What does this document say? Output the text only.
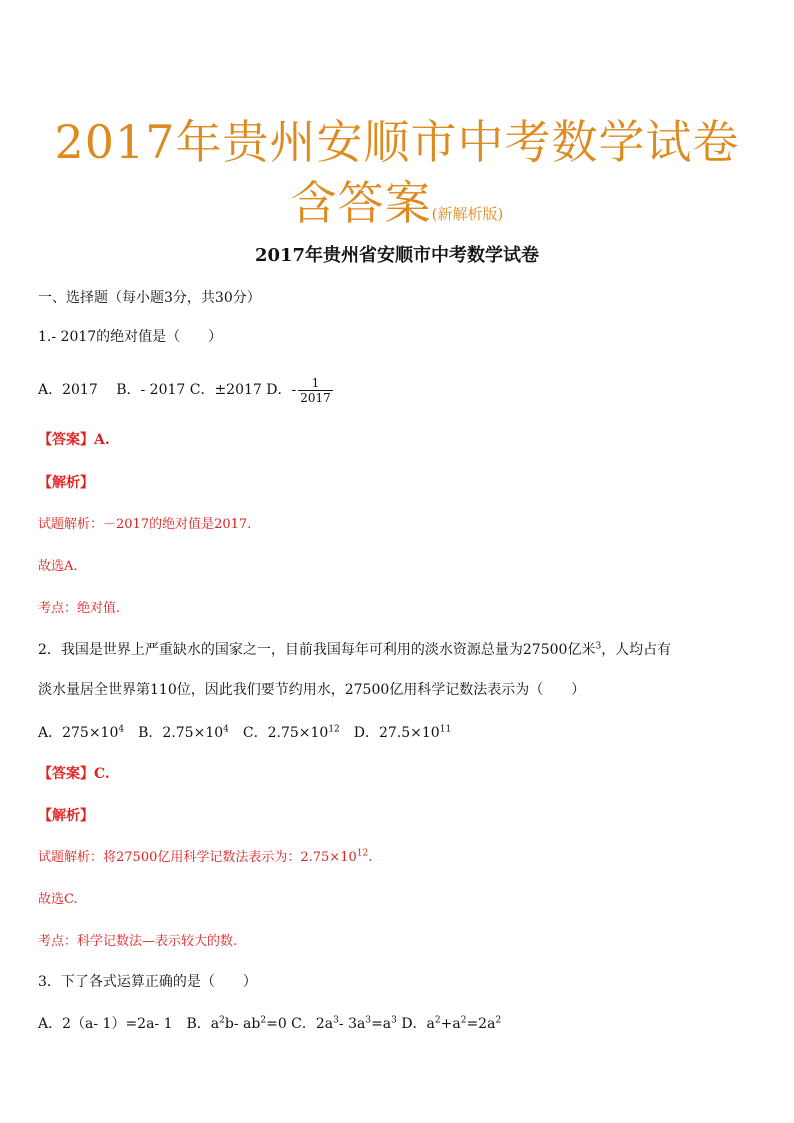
2017年贵州安顺市中考数学试卷
含答案(新解析版)
2017年贵州省安顺市中考数学试卷
一、选择题（每小题3分，共30分）
1.- 2017的绝对值是（　　）
A．2017　 B．- 2017 C．±2017 D．- $\frac{1}{2017}$
【答案】A.
【解析】
试题解析：－2017的绝对值是2017.
故选A.
考点：绝对值.
2．我国是世界上严重缺水的国家之一，目前我国每年可利用的淡水资源总量为27500亿米$^3$，人均占有
淡水量居全世界第110位，因此我们要节约用水，27500亿用科学记数法表示为（　　）
A．$275\times 10^4$　B．$2.75\times 10^4$　C．$2.75\times 10^{12}$　D．$27.5\times 10^{11}$
【答案】C.
【解析】
试题解析：将27500亿用科学记数法表示为：$2.75\times 10^{12}$.
故选C.
考点：科学记数法—表示较大的数.
3．下了各式运算正确的是（　　）
A．2（a- 1）=2a- 1　B．$a^2b-$ $ab^2=0$ C．$2a^3-$ $3a^3=a^3$ D．$a^2+a^2=2a^2$
